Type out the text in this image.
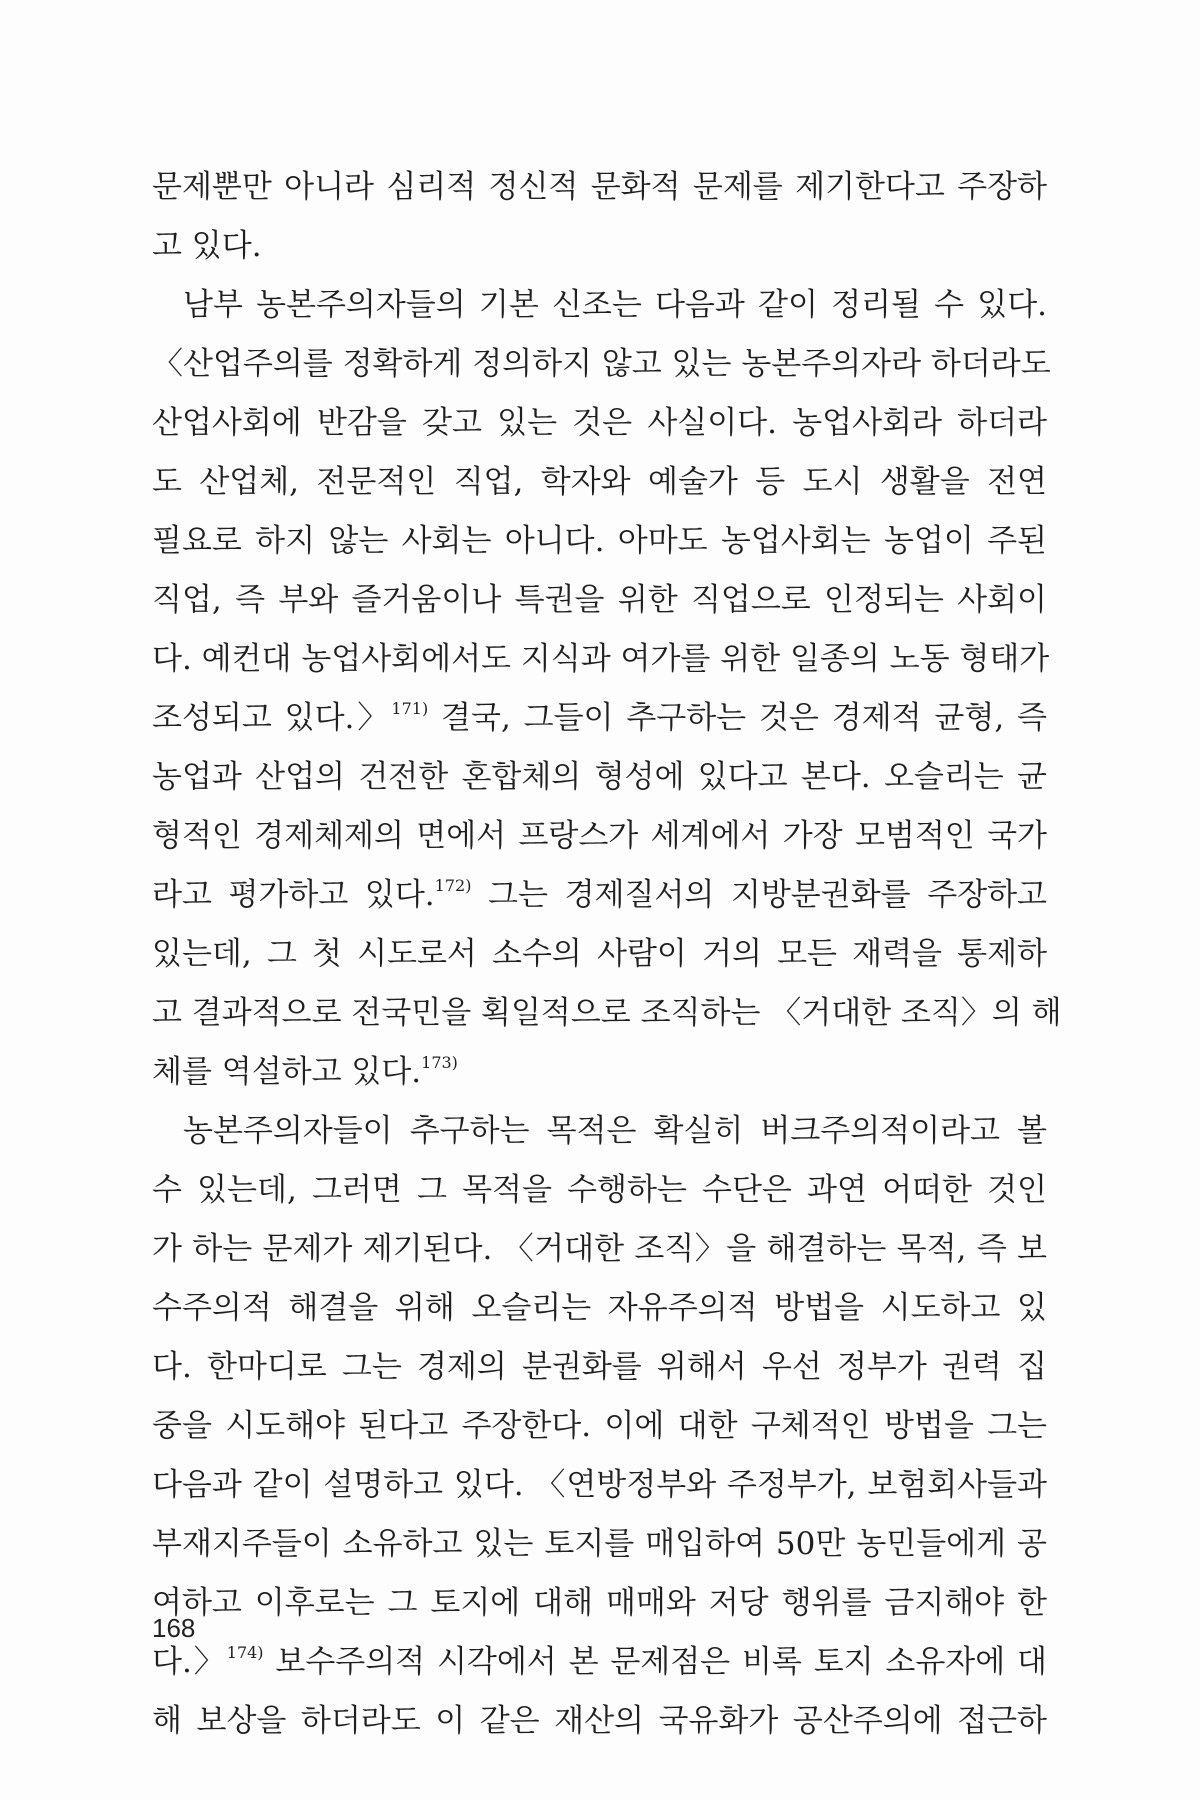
문제뿐만 아니라 심리적 정신적 문화적 문제를 제기한다고 주장하
고 있다.
남부 농본주의자들의 기본 신조는 다음과 같이 정리될 수 있다.
〈산업주의를 정확하게 정의하지 않고 있는 농본주의자라 하더라도
산업사회에 반감을 갖고 있는 것은 사실이다. 농업사회라 하더라
도 산업체, 전문적인 직업, 학자와 예술가 등 도시 생활을 전연
필요로 하지 않는 사회는 아니다. 아마도 농업사회는 농업이 주된
직업, 즉 부와 즐거움이나 특권을 위한 직업으로 인정되는 사회이
다. 예컨대 농업사회에서도 지식과 여가를 위한 일종의 노동 형태가
조성되고 있다.〉$^{171)}$ 결국, 그들이 추구하는 것은 경제적 균형, 즉
농업과 산업의 건전한 혼합체의 형성에 있다고 본다. 오슬리는 균
형적인 경제체제의 면에서 프랑스가 세계에서 가장 모범적인 국가
라고 평가하고 있다.$^{172)}$ 그는 경제질서의 지방분권화를 주장하고
있는데, 그 첫 시도로서 소수의 사람이 거의 모든 재력을 통제하
고 결과적으로 전국민을 획일적으로 조직하는 〈거대한 조직〉의 해
체를 역설하고 있다.$^{173)}$
농본주의자들이 추구하는 목적은 확실히 버크주의적이라고 볼
수 있는데, 그러면 그 목적을 수행하는 수단은 과연 어떠한 것인
가 하는 문제가 제기된다. 〈거대한 조직〉을 해결하는 목적, 즉 보
수주의적 해결을 위해 오슬리는 자유주의적 방법을 시도하고 있
다. 한마디로 그는 경제의 분권화를 위해서 우선 정부가 권력 집
중을 시도해야 된다고 주장한다. 이에 대한 구체적인 방법을 그는
다음과 같이 설명하고 있다. 〈연방정부와 주정부가, 보험회사들과
부재지주들이 소유하고 있는 토지를 매입하여 50만 농민들에게 공
여하고 이후로는 그 토지에 대해 매매와 저당 행위를 금지해야 한
다.〉$^{174)}$ 보수주의적 시각에서 본 문제점은 비록 토지 소유자에 대
해 보상을 하더라도 이 같은 재산의 국유화가 공산주의에 접근하
168
